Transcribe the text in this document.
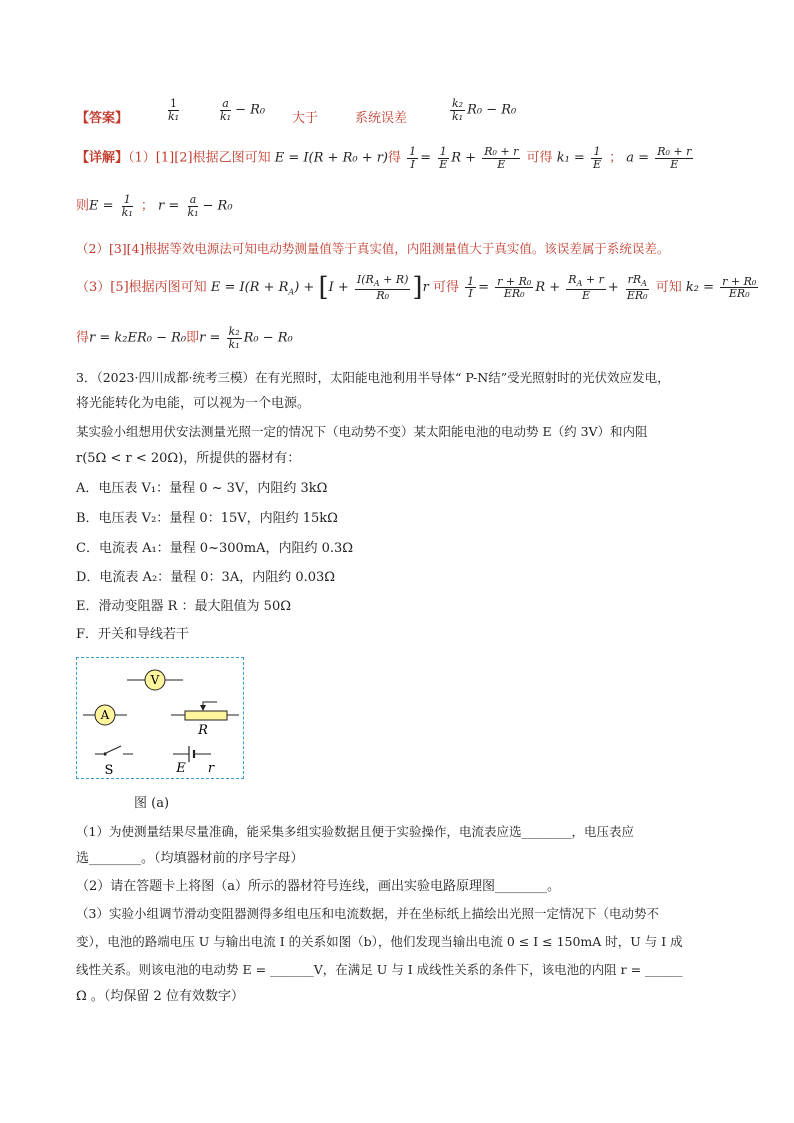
【答案】	$\frac{1}{\text{k₁}}$	$\frac{a}{\text{k₁}} - R_0$
大于	系统误差	$\frac{\text{k₂}}{\text{k₁}} R_0 - R_0$
【详解】（1）[1][2]根据乙图可知 E = I(R + R₀ + r)得 $\frac{1}{I} = \frac{1}{E}$ $R + \frac{\text{R₀ + r}}{E}$ 可得 $k_1 = \frac{1}{E}$ ； $a = \frac{\text{R₀ + r}}{E}$
则$E = \frac{1}{\text{k₁}}$ ； $r = \frac{a}{\text{k₁}} - R_0$
（2）[3][4]根据等效电源法可知电动势测量值等于真实值，内阻测量值大于真实值。该误差属于系统误差。
（3）[5]根据丙图可知 $E = I(R + R_A) + [I + \frac{I(R_A + R)}{\text{R₀}} ]r$ 可得 $\frac{1}{I} = \frac{\text{r + R₀}}{\text{ER₀}}$ $R + \frac{R_A + r}{E} + \frac{rR_A}{\text{ER₀}}$ 可知 $k_2 = \frac{\text{r + R₀}}{\text{ER₀}}$
得r = k₂ER₀ − R₀即$r = \frac{\text{k₂}}{\text{k₁}} R_0 - R_0$
3．（2023·四川成都·统考三模）在有光照时，太阳能电池利用半导体“ P-N结”受光照射时的光伏效应发电，
将光能转化为电能，可以视为一个电源。
某实验小组想用伏安法测量光照一定的情况下（电动势不变）某太阳能电池的电动势 E（约 3V）和内阻
r(5Ω < r < 20Ω)，所提供的器材有：
A．电压表 V₁：量程 0 ~ 3V，内阻约 3kΩ
B．电压表 V₂：量程 0：15V，内阻约 15kΩ
C．电流表 A₁：量程 0~300mA，内阻约 0.3Ω
D．电流表 A₂：量程 0：3A，内阻约 0.03Ω
E．滑动变阻器 R ：最大阻值为 50Ω
F．开关和导线若干
V
A
R
S	E r
图 (a)
（1）为使测量结果尽量准确，能采集多组实验数据且便于实验操作，电流表应选________，电压表应
选________。（均填器材前的序号字母）
（2）请在答题卡上将图（a）所示的器材符号连线，画出实验电路原理图________。
（3）实验小组调节滑动变阻器测得多组电压和电流数据，并在坐标纸上描绘出光照一定情况下（电动势不
变），电池的路端电压 U 与输出电流 I 的关系如图（b），他们发现当输出电流 0 ≤ I ≤ 150mA 时，U 与 I 成
线性关系。则该电池的电动势 E = _______V，在满足 U 与 I 成线性关系的条件下，该电池的内阻 r = ______
Ω 。（均保留 2 位有效数字）
